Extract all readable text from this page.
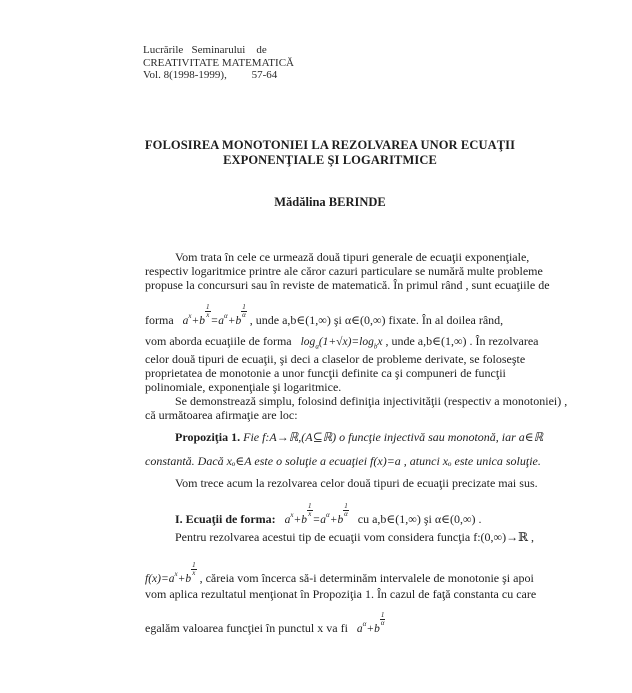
Lucrările   Seminarului    de
CREATIVITATE MATEMATICĂ
Vol. 8(1998-1999),         57-64
FOLOSIREA MONOTONIEI LA REZOLVAREA UNOR ECUAŢII
EXPONENŢIALE ŞI LOGARITMICE
Mădălina BERINDE
Vom trata în cele ce urmează două tipuri generale de ecuaţii exponenţiale,
respectiv logaritmice printre ale căror cazuri particulare se numără multe probleme
propuse la concursuri sau în reviste de matematică. În primul rând , sunt ecuaţiile de
forma $a^x+b$
$\frac{1}{x}$
$=a^\alpha+b$
$\frac{1}{\alpha}$
, unde a,b∈(1,∞) şi α∈(0,∞) fixate. În al doilea rând,
vom aborda ecuaţiile de forma $\log_a(1+√x)=\log_bx$ , unde a,b∈(1,∞) . În rezolvarea
celor două tipuri de ecuaţii, şi deci a claselor de probleme derivate, se foloseşte
proprietatea de monotonie a unor funcţii definite ca şi compuneri de funcţii
polinomiale, exponenţiale şi logaritmice.
Se demonstrează simplu, folosind definiţia injectivităţii (respectiv a monotoniei) ,
că următoarea afirmaţie are loc:
Propoziţia 1. Fie f:A→ℝ,(A⊆ℝ) o funcţie injectivă sau monotonă, iar a∈ℝ
constantă. Dacă xₒ∈A este o soluţie a ecuaţiei f(x)=a , atunci xₒ este unica soluţie.
Vom trece acum la rezolvarea celor două tipuri de ecuaţii precizate mai sus.
I. Ecuaţii de forma: $a^x+b$
$\frac{1}{x}$
$=a^\alpha+b$
$\frac{1}{\alpha}$
cu a,b∈(1,∞) şi α∈(0,∞) .
Pentru rezolvarea acestui tip de ecuaţii vom considera funcţia f:(0,∞)→ℝ ,
$f(x)=a^x+b$
$\frac{1}{x}$
, căreia vom încerca să-i determinăm intervalele de monotonie şi apoi
vom aplica rezultatul menţionat în Propoziţia 1. În cazul de faţă constanta cu care
egalăm valoarea funcţiei în punctul x va fi $a^\alpha+b$
$\frac{1}{\alpha}$
